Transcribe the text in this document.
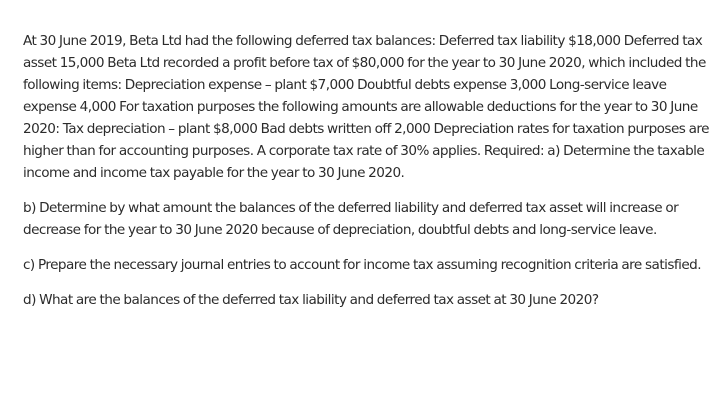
At 30 June 2019, Beta Ltd had the following deferred tax balances: Deferred tax liability $18,000 Deferred tax asset 15,000 Beta Ltd recorded a profit before tax of $80,000 for the year to 30 June 2020, which included the following items: Depreciation expense – plant $7,000 Doubtful debts expense 3,000 Long-service leave expense 4,000 For taxation purposes the following amounts are allowable deductions for the year to 30 June 2020: Tax depreciation – plant $8,000 Bad debts written off 2,000 Depreciation rates for taxation purposes are higher than for accounting purposes. A corporate tax rate of 30% applies. Required: a) Determine the taxable income and income tax payable for the year to 30 June 2020.

b) Determine by what amount the balances of the deferred liability and deferred tax asset will increase or decrease for the year to 30 June 2020 because of depreciation, doubtful debts and long-service leave.

c) Prepare the necessary journal entries to account for income tax assuming recognition criteria are satisfied.

d) What are the balances of the deferred tax liability and deferred tax asset at 30 June 2020?
